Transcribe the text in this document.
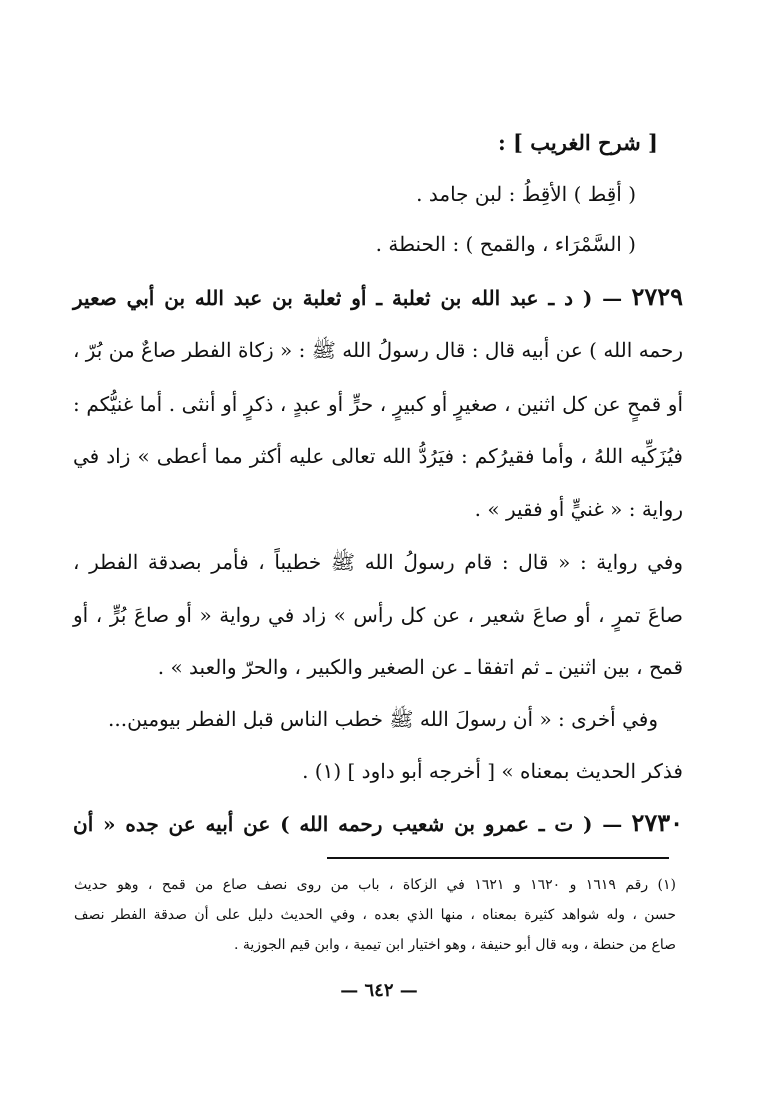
[ شرح الغريب ] :
( أقِط ) الأقِطُ : لبن جامد .
( السَّمْرَاء ، والقمح ) : الحنطة .
٢٧٢٩ — ( د ـ عبد الله بن ثعلبة ـ أو ثعلبة بن عبد الله بن أبي صعير
رحمه الله ) عن أبيه قال : قال رسولُ الله ﷺ : « زكاة الفطر صاعٌ من بُرّ ،
أو قمحٍ عن كل اثنين ، صغيرٍ أو كبيرٍ ، حرٍّ أو عبدٍ ، ذكرٍ أو أنثى . أما غنيُّكم :
فيُزَكِّيه اللهُ ، وأما فقيرُكم : فيَرُدُّ الله تعالى عليه أكثر مما أعطى » زاد في
رواية : « غنيٍّ أو فقير » .
وفي رواية : « قال : قام رسولُ الله ﷺ خطيباً ، فأمر بصدقة الفطر ،
صاعَ تمرٍ ، أو صاعَ شعير ، عن كل رأس » زاد في رواية « أو صاعَ بُرٍّ ، أو
قمح ، بين اثنين ـ ثم اتفقا ـ عن الصغير والكبير ، والحرّ والعبد » .
وفي أخرى : « أن رسولَ الله ﷺ خطب الناس قبل الفطر بيومين...
فذكر الحديث بمعناه » [ أخرجه أبو داود ] (١) .
٢٧٣٠ — ( ت ـ عمرو بن شعيب رحمه الله ) عن أبيه عن جده « أن
(١) رقم ١٦١٩ و ١٦٢٠ و ١٦٢١ في الزكاة ، باب من روى نصف صاع من قمح ، وهو حديث
حسن ، وله شواهد كثيرة بمعناه ، منها الذي بعده ، وفي الحديث دليل على أن صدقة الفطر نصف
صاع من حنطة ، وبه قال أبو حنيفة ، وهو اختيار ابن تيمية ، وابن قيم الجوزية .
— ٦٤٢ —
